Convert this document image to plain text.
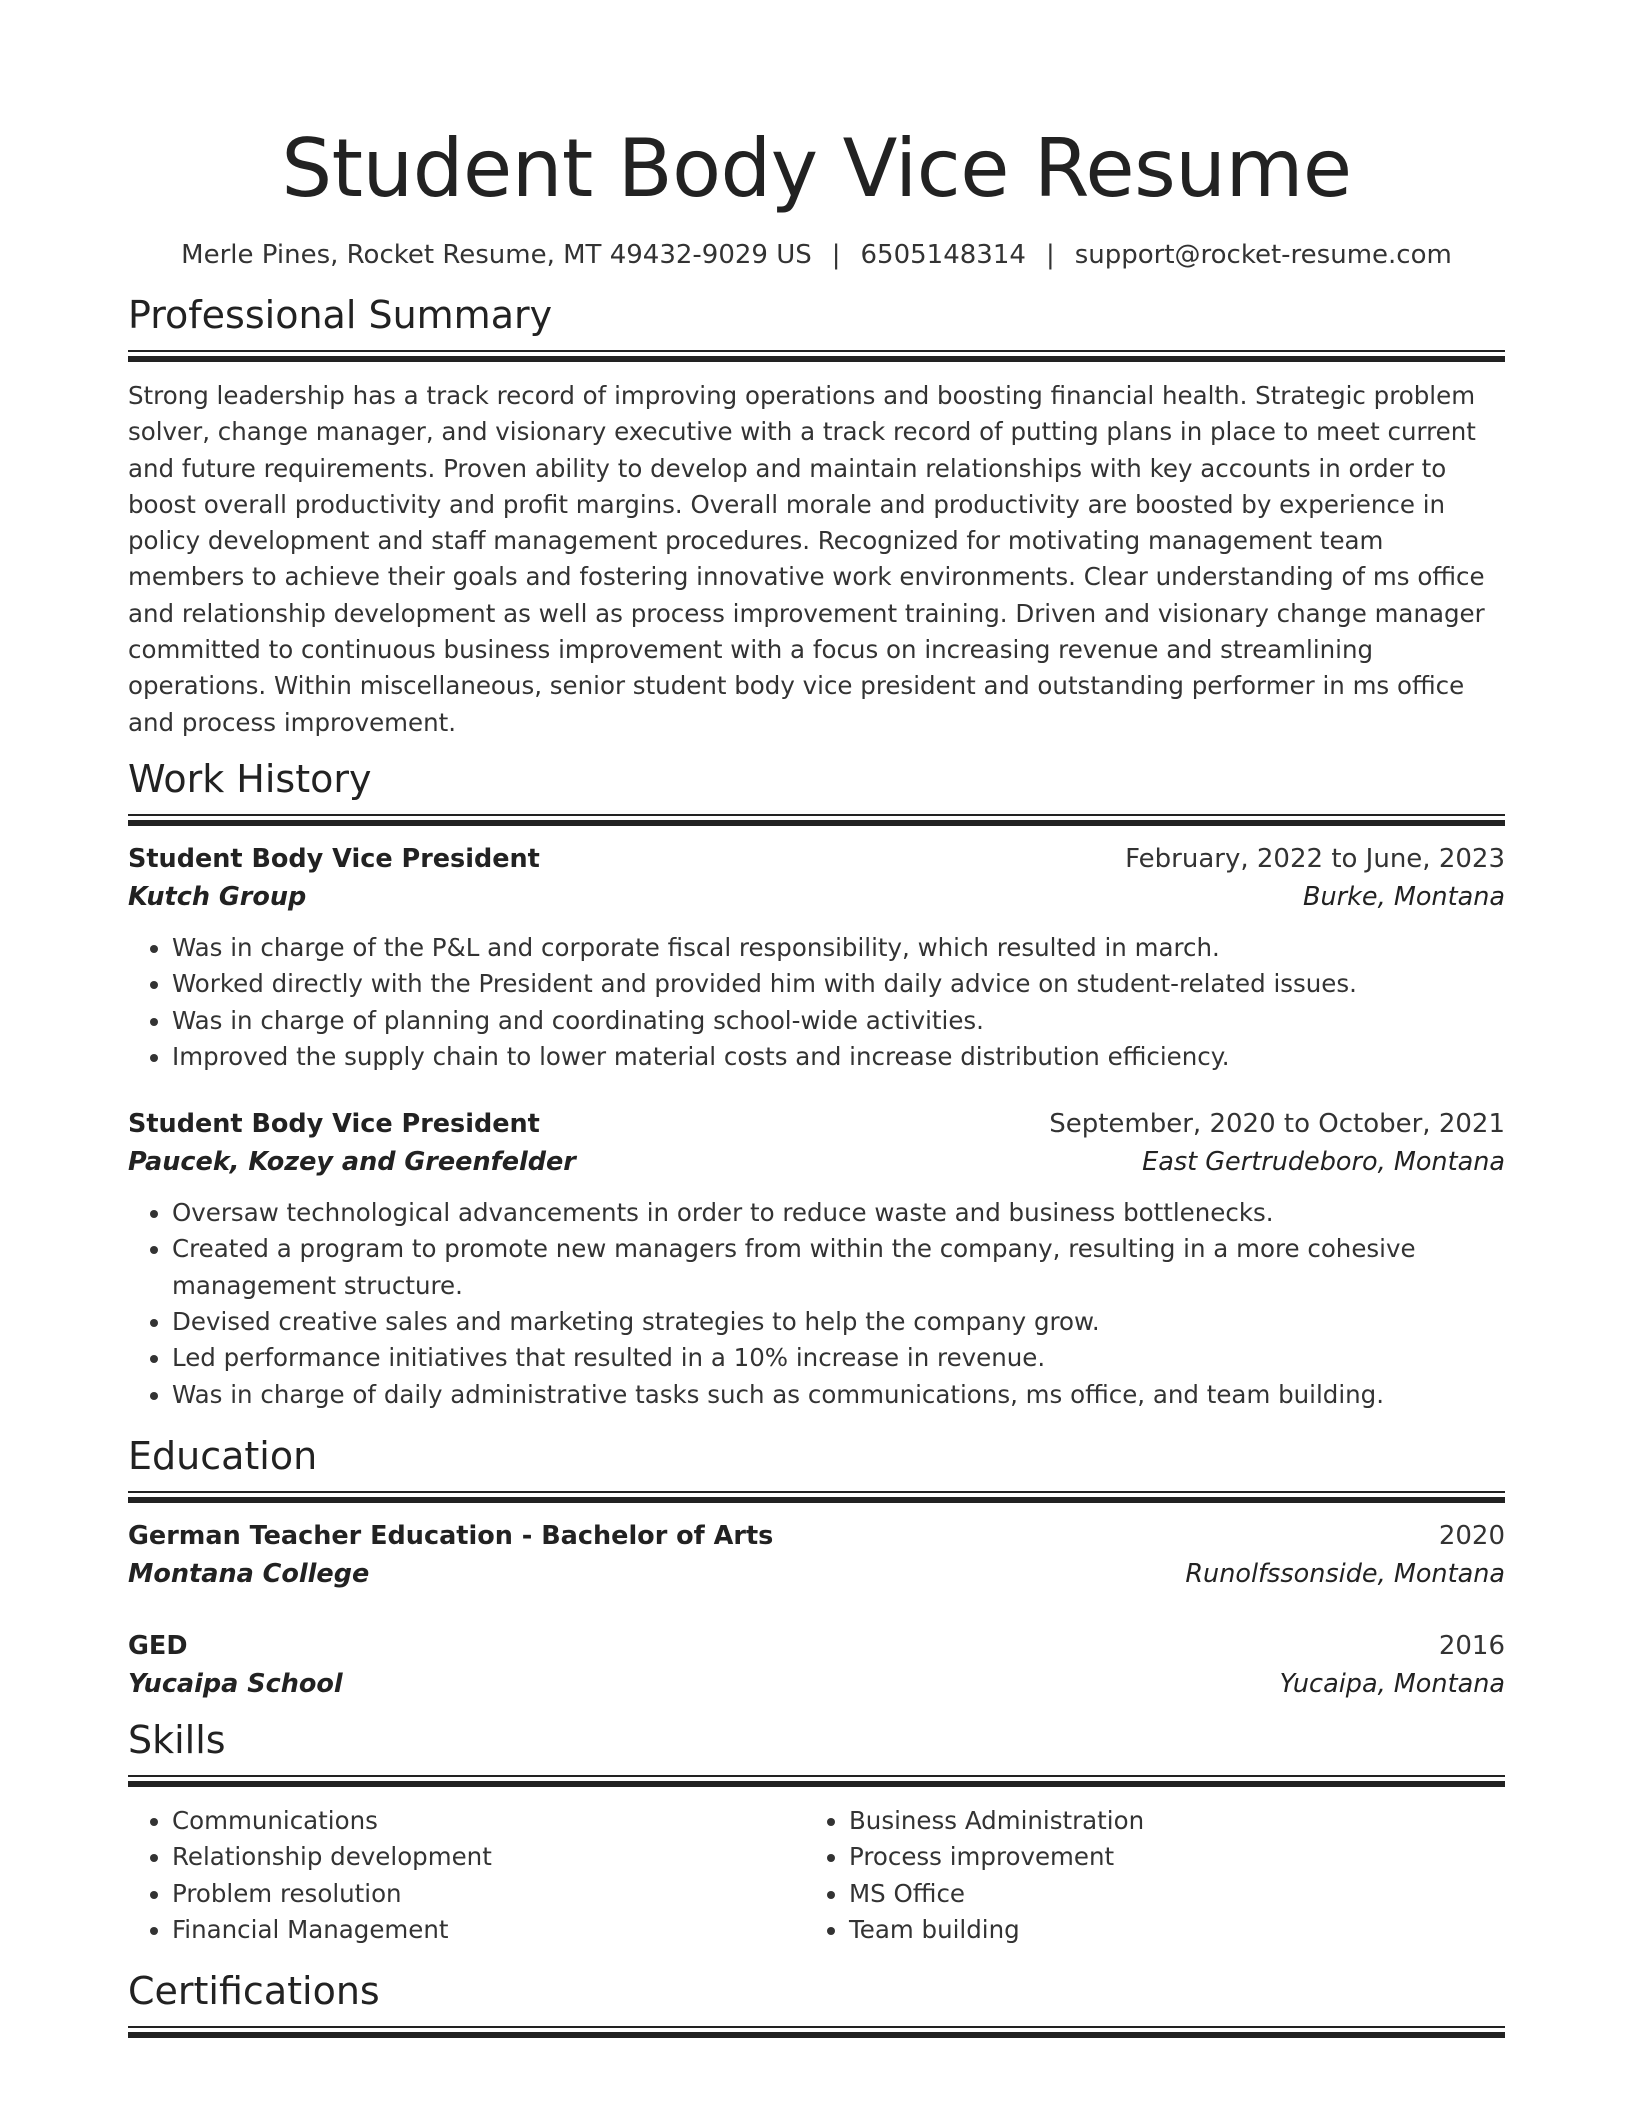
Student Body Vice Resume
Merle Pines, Rocket Resume, MT 49432-9029 US | 6505148314 | support@rocket-resume.com
Professional Summary

Strong leadership has a track record of improving operations and boosting financial health. Strategic problem solver, change manager, and visionary executive with a track record of putting plans in place to meet current and future requirements. Proven ability to develop and maintain relationships with key accounts in order to boost overall productivity and profit margins. Overall morale and productivity are boosted by experience in policy development and staff management procedures. Recognized for motivating management team members to achieve their goals and fostering innovative work environments. Clear understanding of ms office and relationship development as well as process improvement training. Driven and visionary change manager committed to continuous business improvement with a focus on increasing revenue and streamlining operations. Within miscellaneous, senior student body vice president and outstanding performer in ms office and process improvement.

Work History
Student Body Vice President	February, 2022 to June, 2023
Kutch Group	Burke, Montana
• Was in charge of the P&L and corporate fiscal responsibility, which resulted in march.
• Worked directly with the President and provided him with daily advice on student-related issues.
• Was in charge of planning and coordinating school-wide activities.
• Improved the supply chain to lower material costs and increase distribution efficiency.
Student Body Vice President	September, 2020 to October, 2021
Paucek, Kozey and Greenfelder	East Gertrudeboro, Montana
• Oversaw technological advancements in order to reduce waste and business bottlenecks.
• Created a program to promote new managers from within the company, resulting in a more cohesive management structure.
• Devised creative sales and marketing strategies to help the company grow.
• Led performance initiatives that resulted in a 10% increase in revenue.
• Was in charge of daily administrative tasks such as communications, ms office, and team building.
Education
German Teacher Education - Bachelor of Arts	2020
Montana College	Runolfssonside, Montana
GED	2016
Yucaipa School	Yucaipa, Montana
Skills
• Communications
• Relationship development
• Problem resolution
• Financial Management
• Business Administration
• Process improvement
• MS Office
• Team building
Certifications
